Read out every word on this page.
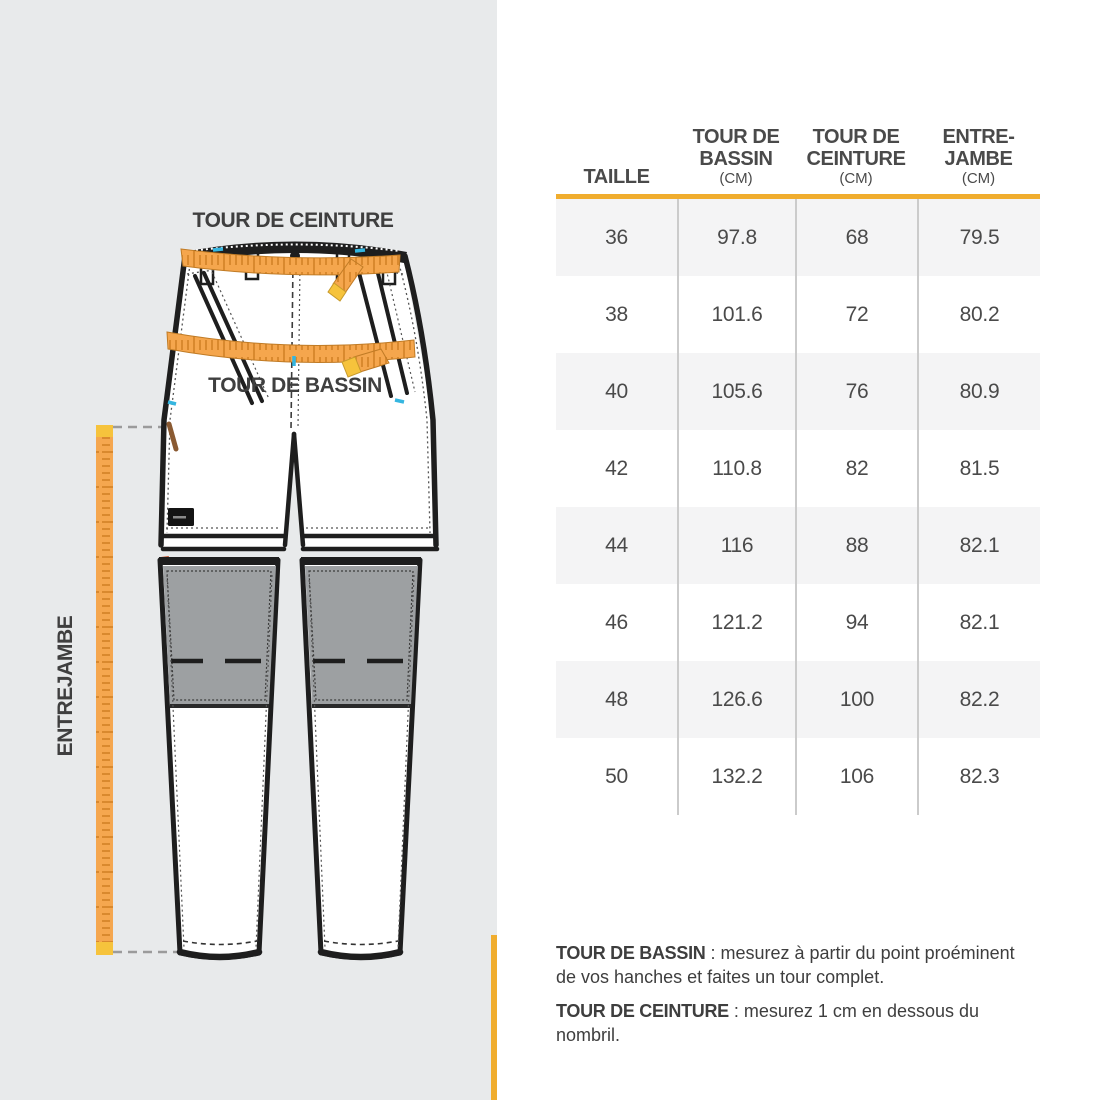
TOUR DE CEINTURE
TOUR DE BASSIN
ENTREJAMBE
TAILLE
TOUR DE
BASSIN
(CM)
TOUR DE
CEINTURE
(CM)
ENTRE-
JAMBE
(CM)
36	97.8	68	79.5
38	101.6	72	80.2
40	105.6	76	80.9
42	110.8	82	81.5
44	116	88	82.1
46	121.2	94	82.1
48	126.6	100	82.2
50	132.2	106	82.3

TOUR DE BASSIN : mesurez à partir du point proéminent de vos hanches et faites un tour complet.

TOUR DE CEINTURE : mesurez 1 cm en dessous du nombril.
